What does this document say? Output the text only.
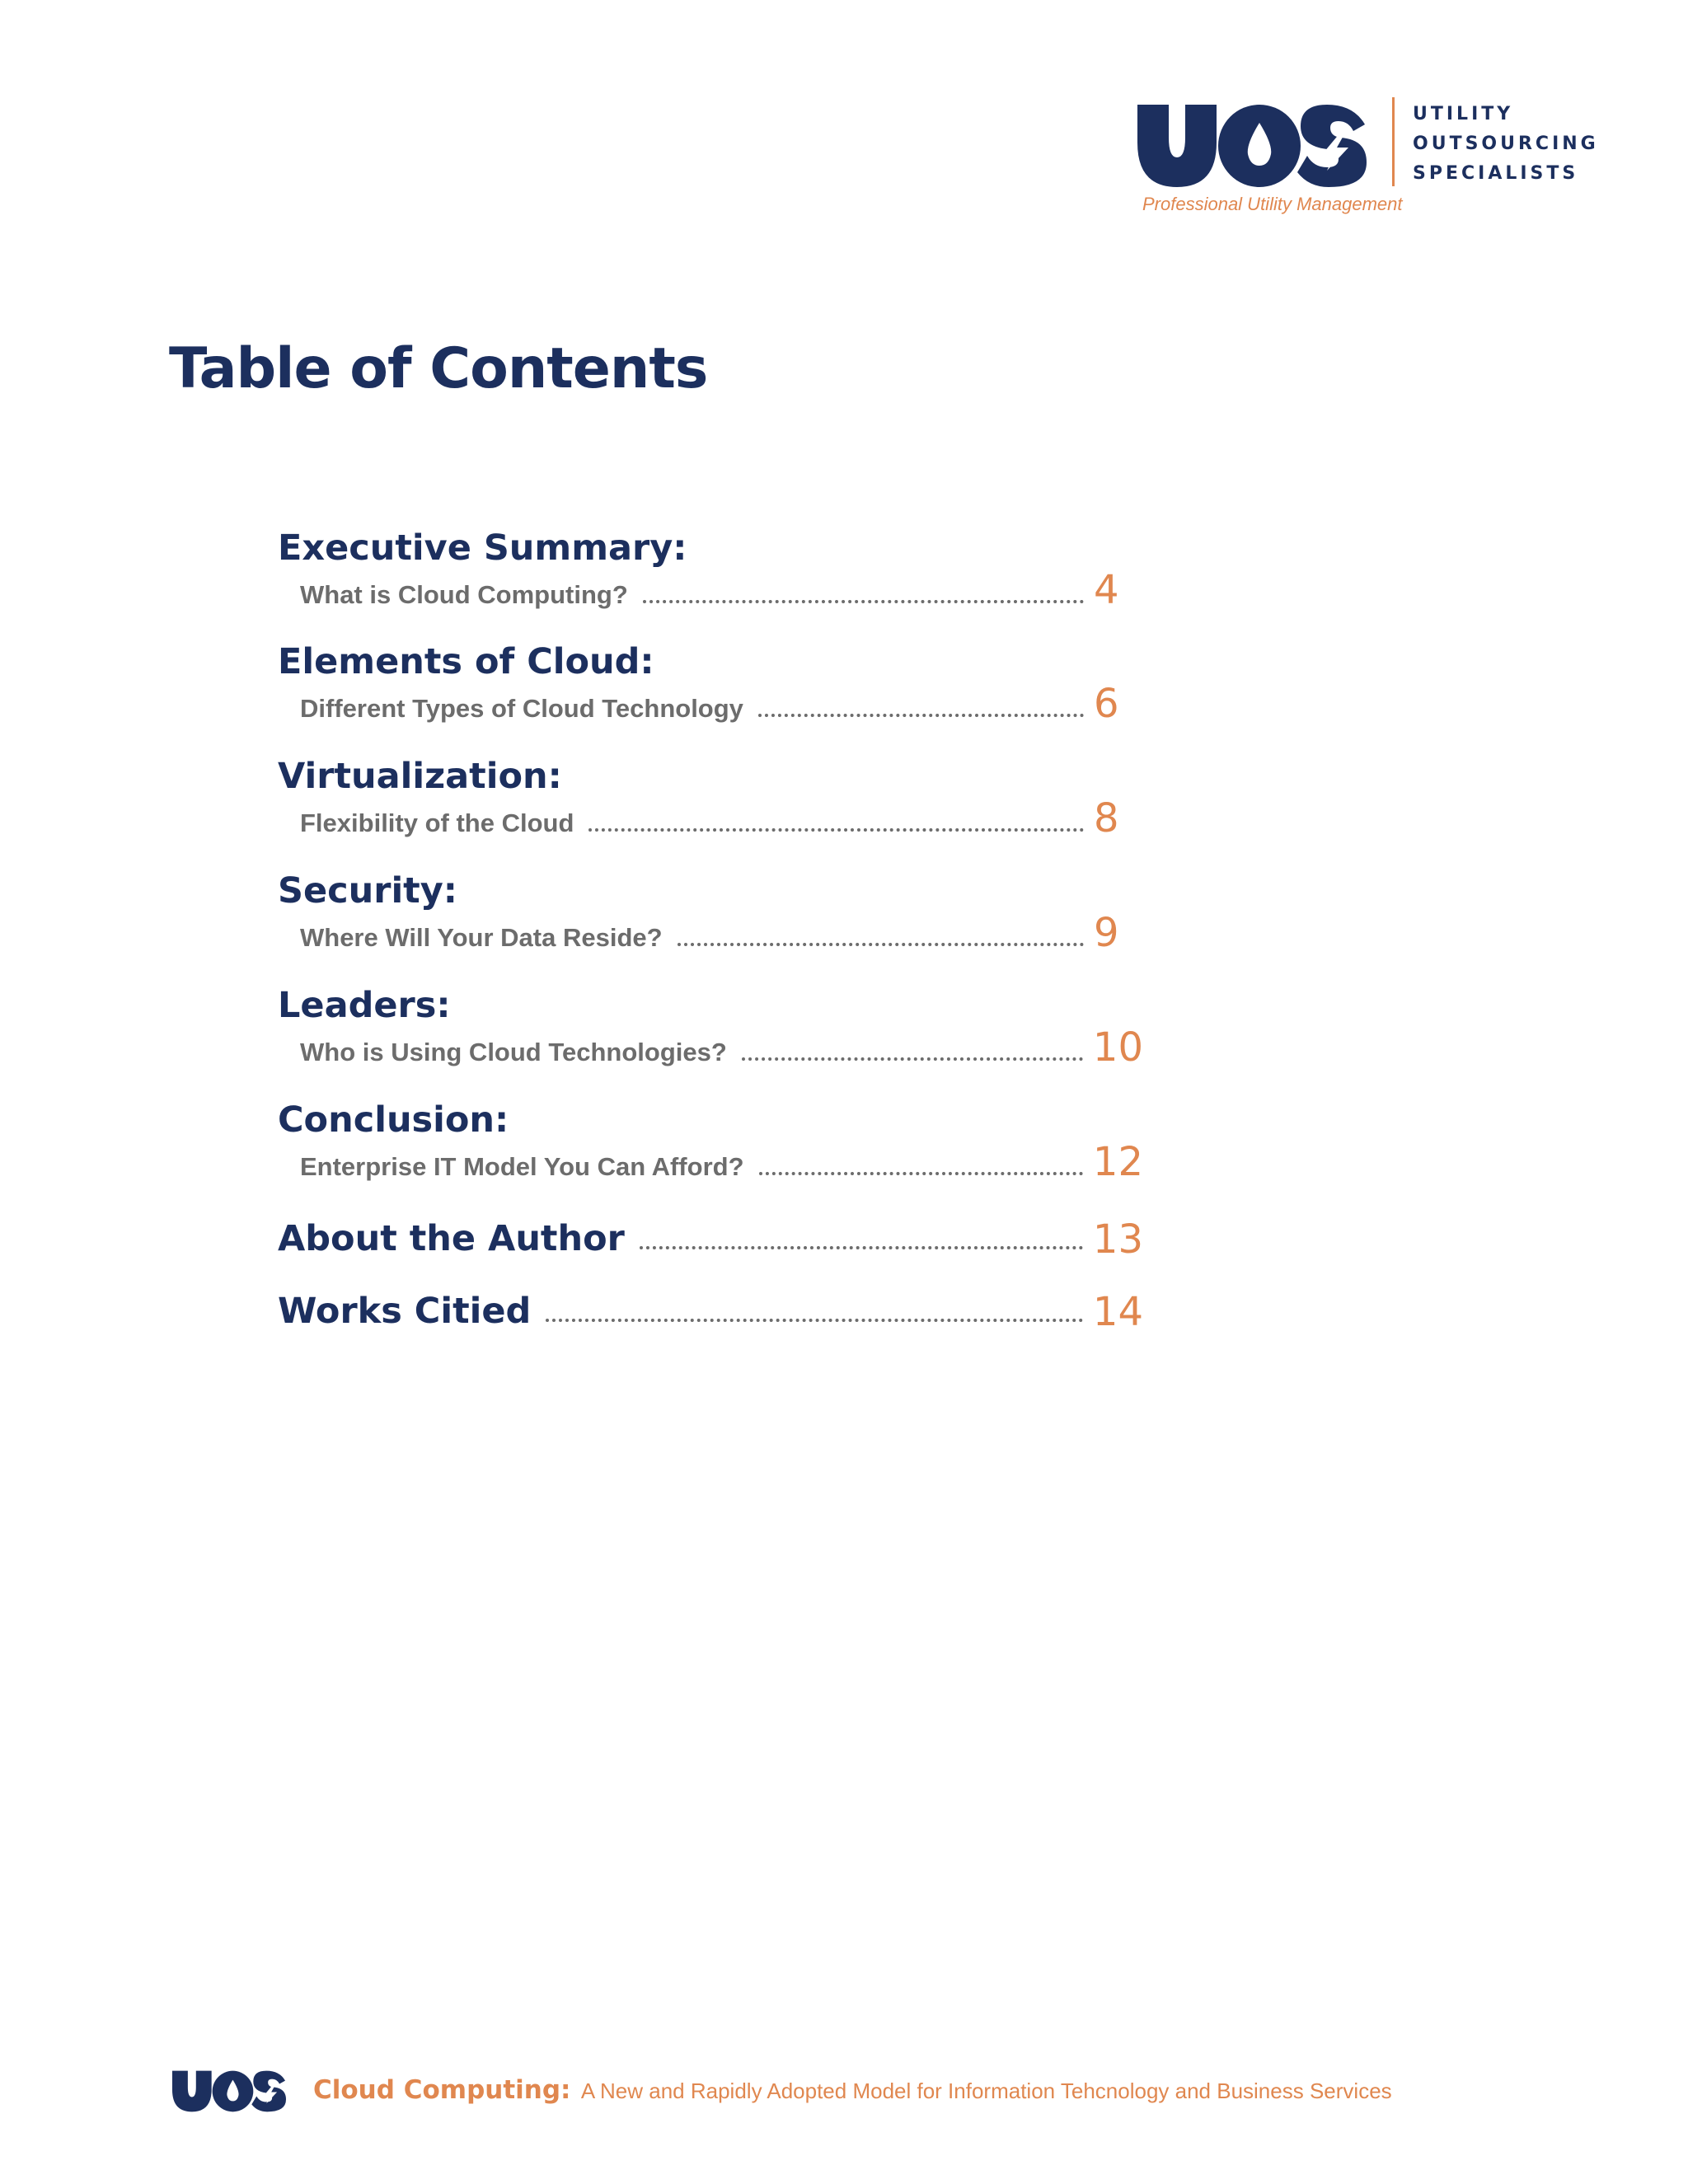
UTILITY
OUTSOURCING
SPECIALISTS
Professional Utility Management
Table of Contents
Executive Summary:
What is Cloud Computing?	4
Elements of Cloud:
Different Types of Cloud Technology	6
Virtualization:
Flexibility of the Cloud	8
Security:
Where Will Your Data Reside?	9
Leaders:
Who is Using Cloud Technologies?	10
Conclusion:
Enterprise IT Model You Can Afford?	12
About the Author	13
Works Citied	14
Cloud Computing: A New and Rapidly Adopted Model for Information Tehcnology and Business Services
